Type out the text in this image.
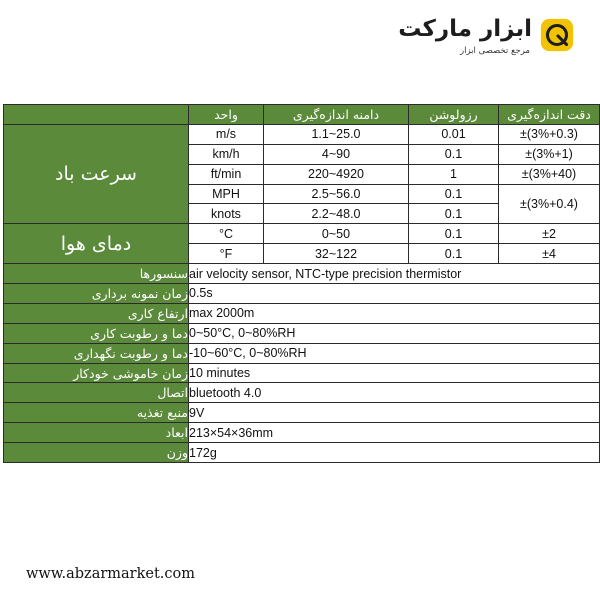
ابزار مارکت
مرجع تخصصی ابزار
	واحد	دامنه اندازه‌گیری	رزولوشن	دقت اندازه‌گیری
سرعت باد	m/s	1.1~25.0	0.01	±(3%+0.3)
	km/h	4~90	0.1	±(3%+1)
	ft/min	220~4920	1	±(3%+40)
	MPH	2.5~56.0	0.1	±(3%+0.4)
	knots	2.2~48.0	0.1	
دمای هوا	°C	0~50	0.1	±2
	°F	32~122	0.1	±4
سنسورها	air velocity sensor, NTC-type precision thermistor			
زمان نمونه برداری	0.5s			
ارتفاع کاری	max 2000m			
دما و رطوبت کاری	0~50°C, 0~80%RH			
دما و رطوبت نگهداری	-10~60°C, 0~80%RH			
زمان خاموشی خودکار	10 minutes			
اتصال	bluetooth 4.0			
منبع تغذیه	9V			
ابعاد	213×54×36mm			
وزن	172g			
www.abzarmarket.com
